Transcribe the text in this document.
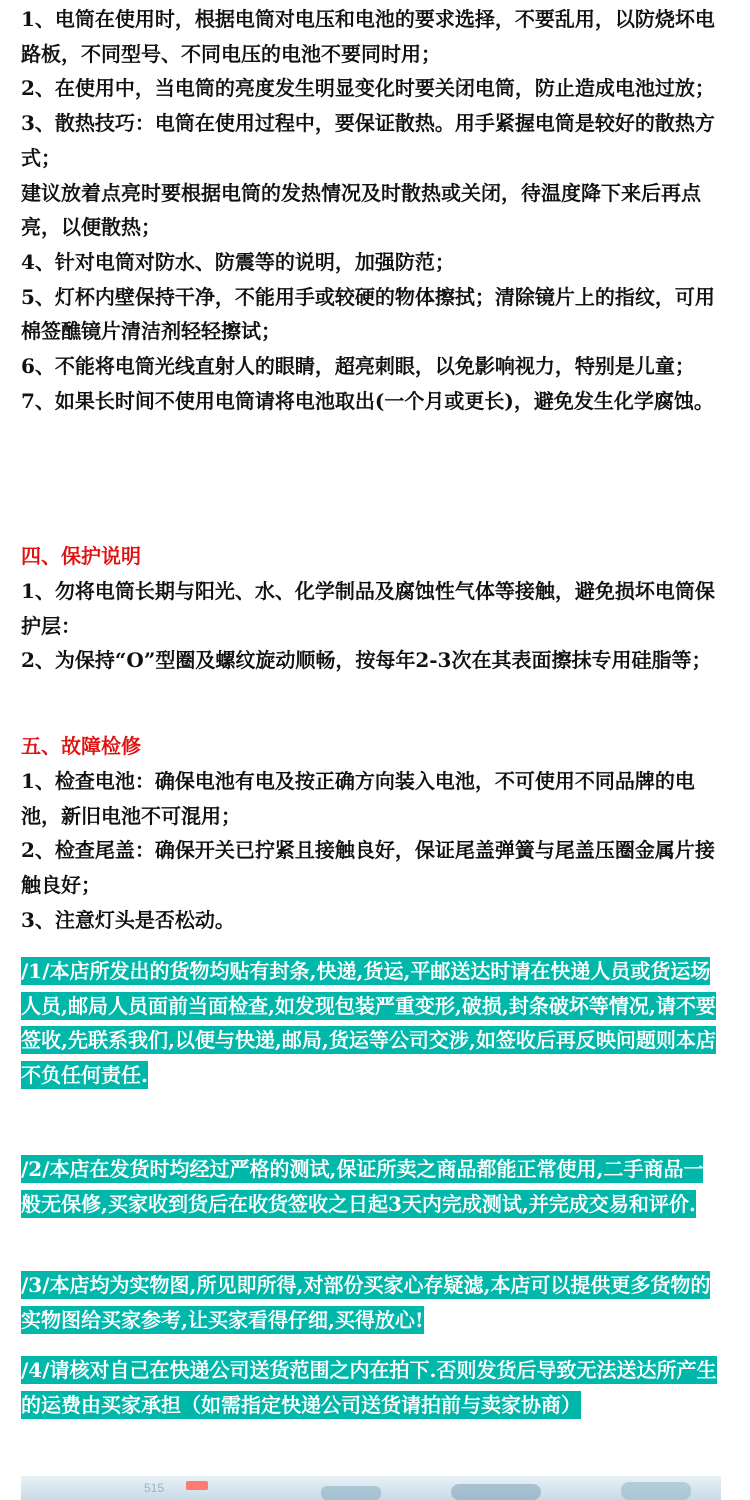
1、电筒在使用时，根据电筒对电压和电池的要求选择，不要乱用，以防烧坏电路板，不同型号、不同电压的电池不要同时用；

2、在使用中，当电筒的亮度发生明显变化时要关闭电筒，防止造成电池过放；

3、散热技巧：电筒在使用过程中，要保证散热。用手紧握电筒是较好的散热方式；

建议放着点亮时要根据电筒的发热情况及时散热或关闭，待温度降下来后再点亮，以便散热；

4、针对电筒对防水、防震等的说明，加强防范；

5、灯杯内壁保持干净，不能用手或较硬的物体擦拭；清除镜片上的指纹，可用棉签醮镜片清洁剂轻轻擦试；

6、不能将电筒光线直射人的眼睛，超亮刺眼，以免影响视力，特别是儿童；

7、如果长时间不使用电筒请将电池取出(一个月或更长)，避免发生化学腐蚀。

四、保护说明

1、勿将电筒长期与阳光、水、化学制品及腐蚀性气体等接触，避免损坏电筒保护层：

2、为保持“O”型圈及螺纹旋动顺畅，按每年2-3次在其表面擦抹专用硅脂等；

五、故障检修

1、检查电池：确保电池有电及按正确方向装入电池，不可使用不同品牌的电池，新旧电池不可混用；

2、检查尾盖：确保开关已拧紧且接触良好，保证尾盖弹簧与尾盖压圈金属片接触良好；

3、注意灯头是否松动。

/1/本店所发出的货物均贴有封条,快递,货运,平邮送达时请在快递人员或货运场人员,邮局人员面前当面检查,如发现包装严重变形,破损,封条破坏等情况,请不要签收,先联系我们,以便与快递,邮局,货运等公司交涉,如签收后再反映问题则本店不负任何责任.

/2/本店在发货时均经过严格的测试,保证所卖之商品都能正常使用,二手商品一般无保修,买家收到货后在收货签收之日起3天内完成测试,并完成交易和评价.

/3/本店均为实物图,所见即所得,对部份买家心存疑滤,本店可以提供更多货物的实物图给买家参考,让买家看得仔细,买得放心!

/4/请核对自己在快递公司送货范围之内在拍下.否则发货后导致无法送达所产生的运费由买家承担（如需指定快递公司送货请拍前与卖家协商）

515
